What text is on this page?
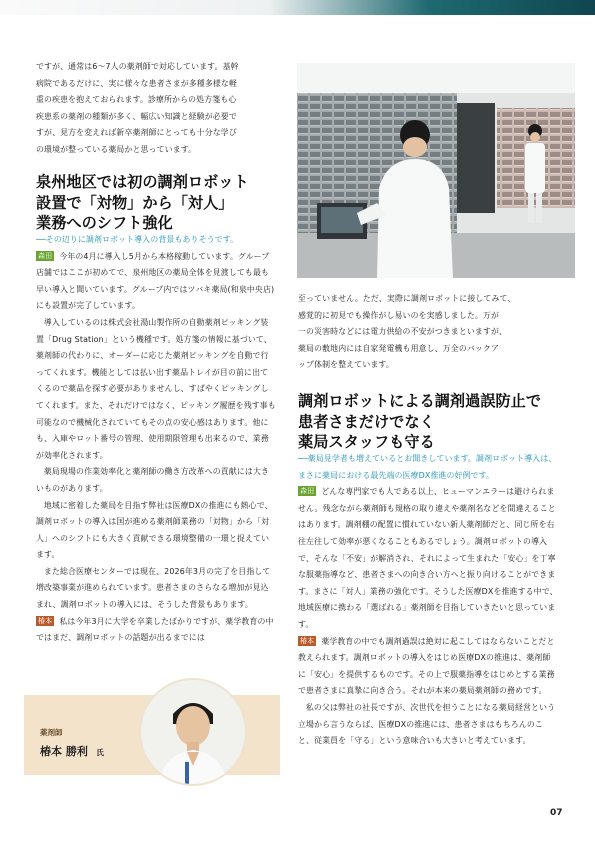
ですが、通常は6〜7人の薬剤師で対応しています。基幹
病院であるだけに、実に様々な患者さまが多種多様な軽
重の疾患を抱えておられます。診療所からの処方箋も心
疾患系の薬剤の種類が多く、幅広い知識と経験が必要で
すが、見方を変えれば新卒薬剤師にとっても十分な学び
の環境が整っている薬局かと思っています。
泉州地区では初の調剤ロボット
設置で「対物」から「対人」
業務へのシフト強化

──その辺りに調剤ロボット導入の背景もありそうです。

森田 今年の4月に導入し5月から本格稼動しています。グループ店舗ではここが初めてで、泉州地区の薬局全体を見渡しても最も早い導入と聞いています。グループ内ではツバキ薬局(和泉中央店)にも設置が完了しています。

導入しているのは株式会社湯山製作所の自動薬剤ピッキング装置「Drug Station」という機種です。処方箋の情報に基づいて、薬剤師の代わりに、オーダーに応じた薬剤ピッキングを自動で行ってくれます。機能としては払い出す薬品トレイが目の前に出てくるので薬品を探す必要がありませんし、すばやくピッキングしてくれます。また、それだけではなく、ピッキング履歴を残す事も可能なので機械化されていてもその点の安心感はあります。他にも、入庫やロット番号の管理、使用期限管理も出来るので、業務が効率化されます。

薬局現場の作業効率化と薬剤師の働き方改革への貢献には大きいものがあります。

地域に密着した薬局を目指す弊社は医療DXの推進にも熱心で、調剤ロボットの導入は国が進める薬剤師業務の「対物」から「対人」へのシフトにも大きく貢献できる環境整備の一環と捉えています。

また総合医療センターでは現在、2026年3月の完了を目指して増改築事業が進められています。患者さまのさらなる増加が見込まれ、調剤ロボットの導入には、そうした背景もあります。

椿本 私は今年3月に大学を卒業したばかりですが、薬学教育の中ではまだ、調剤ロボットの話題が出るまでには

至っていません。ただ、実際に調剤ロボットに接してみて、
感覚的に初見でも操作がし易いのを実感しました。万が
一の災害時などには電力供給の不安がつきまといますが、
薬局の敷地内には自家発電機も用意し、万全のバックア
ップ体制を整えています。
調剤ロボットによる調剤過誤防止で
患者さまだけでなく
薬局スタッフも守る

──薬局見学者も増えているとお聞きしています。調剤ロボット導入は、まさに薬局における最先端の医療DX推進の好例です。

森田 どんな専門家でも人である以上、ヒューマンエラーは避けられません。残念ながら薬剤師も規格の取り違えや薬剤名などを間違えることはあります。調剤棚の配置に慣れていない新人薬剤師だと、同じ所を右往左往して効率が悪くなることもあるでしょう。調剤ロボットの導入で、そんな「不安」が解消され、それによって生まれた「安心」を丁寧な服薬指導など、患者さまへの向き合い方へと振り向けることができます。まさに「対人」業務の強化です。そうした医療DXを推進する中で、地域医療に携わる「選ばれる」薬剤師を目指していきたいと思っています。

椿本 薬学教育の中でも調剤過誤は絶対に起こしてはならないことだと教えられます。調剤ロボットの導入をはじめ医療DXの推進は、薬剤師に「安心」を提供するものです。その上で服薬指導をはじめとする業務で患者さまに真摯に向き合う。それが本来の薬局薬剤師の務めです。

私の父は弊社の社長ですが、次世代を担うことになる薬局経営という立場から言うならば、医療DXの推進には、患者さまはもちろんのこと、従業員を「守る」という意味合いも大きいと考えています。

薬剤師
椿本 勝利 氏
07
